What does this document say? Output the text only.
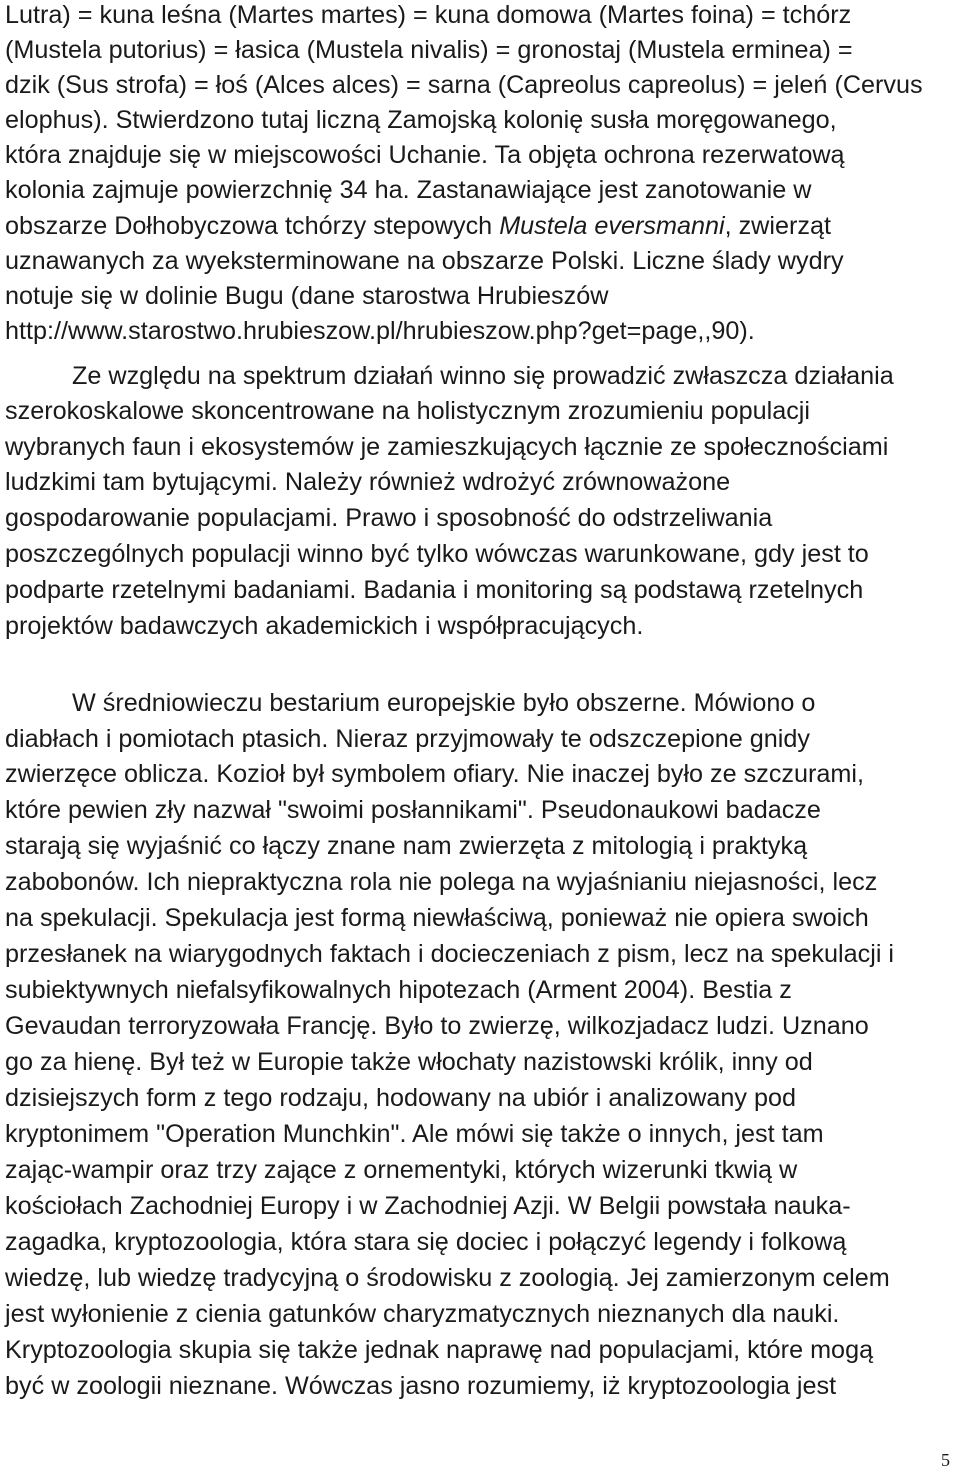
Lutra) = kuna leśna (Martes martes) = kuna domowa (Martes foina) = tchórz
(Mustela putorius) = łasica (Mustela nivalis) = gronostaj (Mustela erminea) =
dzik (Sus strofa) = łoś (Alces alces) = sarna (Capreolus capreolus) = jeleń (Cervus
elophus). Stwierdzono tutaj liczną Zamojską kolonię susła moręgowanego,
która znajduje się w miejscowości Uchanie. Ta objęta ochrona rezerwatową
kolonia zajmuje powierzchnię 34 ha. Zastanawiające jest zanotowanie w
obszarze Dołhobyczowa tchórzy stepowych Mustela eversmanni, zwierząt
uznawanych za wyeksterminowane na obszarze Polski. Liczne ślady wydry
notuje się w dolinie Bugu (dane starostwa Hrubieszów
http://www.starostwo.hrubieszow.pl/hrubieszow.php?get=page,,90).
Ze względu na spektrum działań winno się prowadzić zwłaszcza działania
szerokoskalowe skoncentrowane na holistycznym zrozumieniu populacji
wybranych faun i ekosystemów je zamieszkujących łącznie ze społecznościami
ludzkimi tam bytującymi. Należy również wdrożyć zrównoważone
gospodarowanie populacjami. Prawo i sposobność do odstrzeliwania
poszczególnych populacji winno być tylko wówczas warunkowane, gdy jest to
podparte rzetelnymi badaniami. Badania i monitoring są podstawą rzetelnych
projektów badawczych akademickich i współpracujących.
W średniowieczu bestarium europejskie było obszerne. Mówiono o
diabłach i pomiotach ptasich. Nieraz przyjmowały te odszczepione gnidy
zwierzęce oblicza. Kozioł był symbolem ofiary. Nie inaczej było ze szczurami,
które pewien zły nazwał "swoimi posłannikami". Pseudonaukowi badacze
starają się wyjaśnić co łączy znane nam zwierzęta z mitologią i praktyką
zabobonów. Ich niepraktyczna rola nie polega na wyjaśnianiu niejasności, lecz
na spekulacji. Spekulacja jest formą niewłaściwą, ponieważ nie opiera swoich
przesłanek na wiarygodnych faktach i docieczeniach z pism, lecz na spekulacji i
subiektywnych niefalsyfikowalnych hipotezach (Arment 2004). Bestia z
Gevaudan terroryzowała Francję. Było to zwierzę, wilkozjadacz ludzi. Uznano
go za hienę. Był też w Europie także włochaty nazistowski królik, inny od
dzisiejszych form z tego rodzaju, hodowany na ubiór i analizowany pod
kryptonimem "Operation Munchkin". Ale mówi się także o innych, jest tam
zając-wampir oraz trzy zające z ornementyki, których wizerunki tkwią w
kościołach Zachodniej Europy i w Zachodniej Azji. W Belgii powstała nauka-
zagadka, kryptozoologia, która stara się dociec i połączyć legendy i folkową
wiedzę, lub wiedzę tradycyjną o środowisku z zoologią. Jej zamierzonym celem
jest wyłonienie z cienia gatunków charyzmatycznych nieznanych dla nauki.
Kryptozoologia skupia się także jednak naprawę nad populacjami, które mogą
być w zoologii nieznane. Wówczas jasno rozumiemy, iż kryptozoologia jest
5
